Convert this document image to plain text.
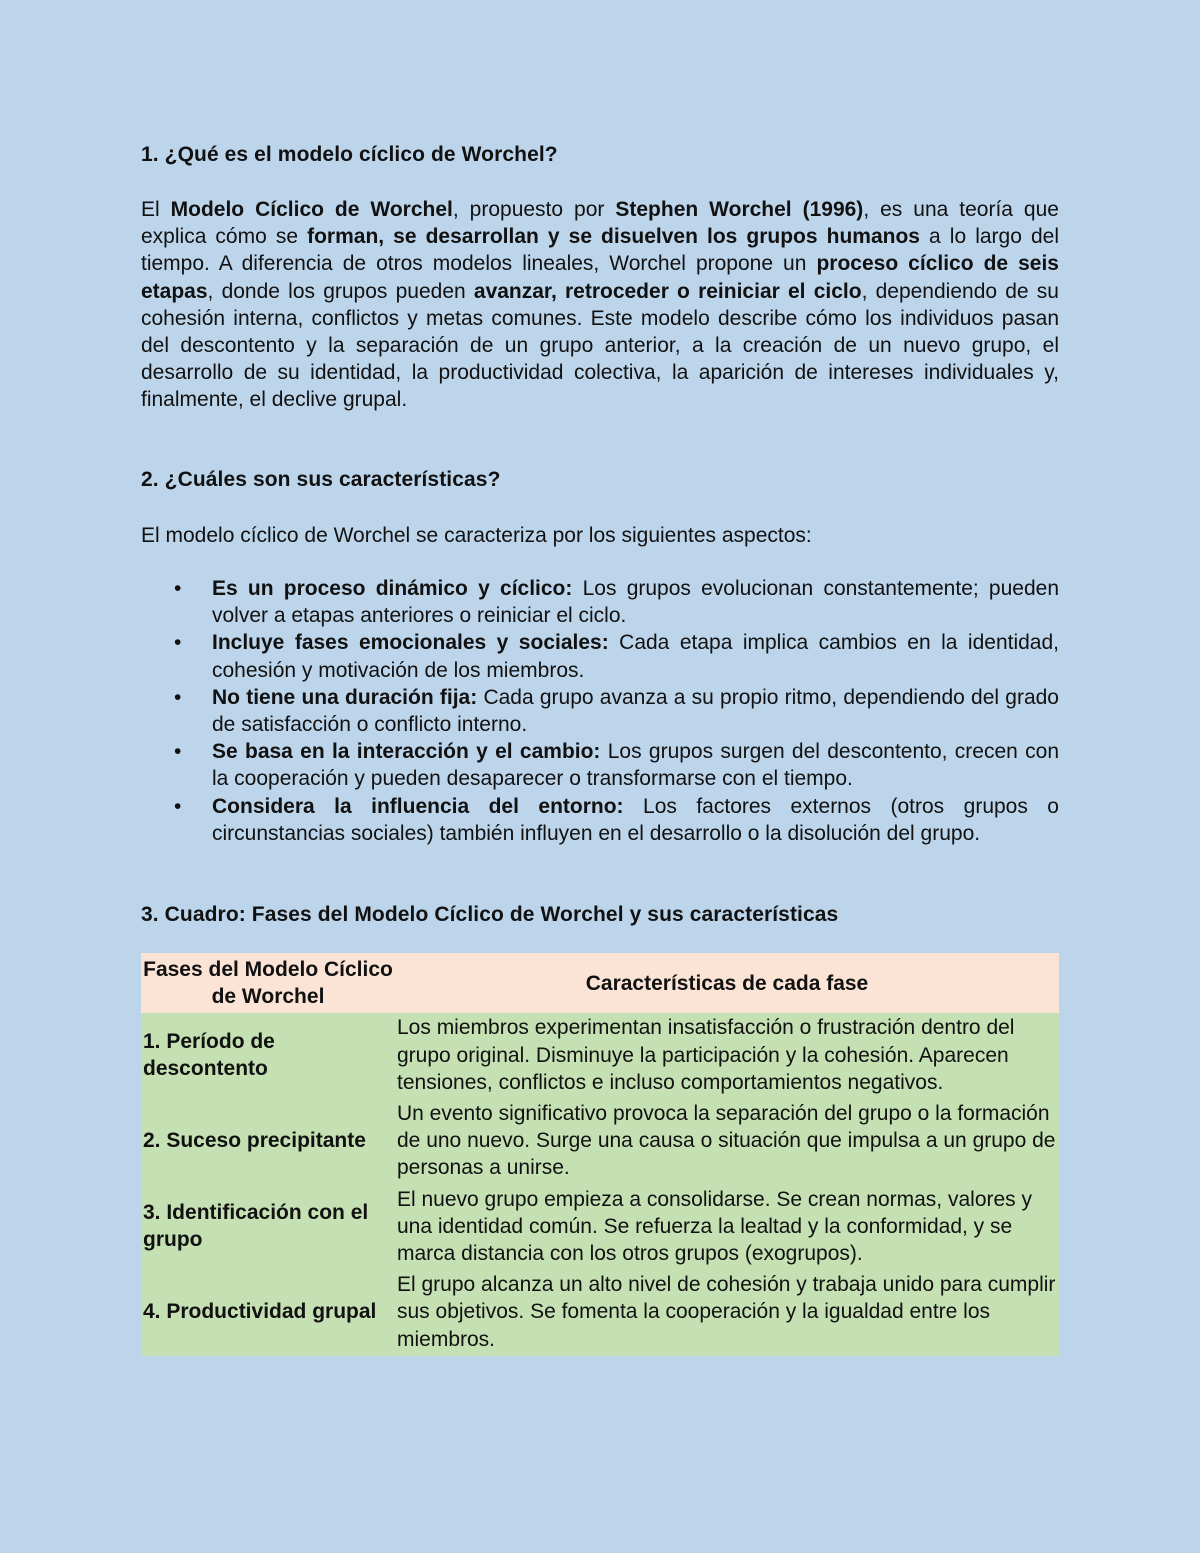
1. ¿Qué es el modelo cíclico de Worchel?
El Modelo Cíclico de Worchel, propuesto por Stephen Worchel (1996), es una teoría que explica cómo se forman, se desarrollan y se disuelven los grupos humanos a lo largo del tiempo. A diferencia de otros modelos lineales, Worchel propone un proceso cíclico de seis etapas, donde los grupos pueden avanzar, retroceder o reiniciar el ciclo, dependiendo de su cohesión interna, conflictos y metas comunes. Este modelo describe cómo los individuos pasan del descontento y la separación de un grupo anterior, a la creación de un nuevo grupo, el desarrollo de su identidad, la productividad colectiva, la aparición de intereses individuales y, finalmente, el declive grupal.
2. ¿Cuáles son sus características?
El modelo cíclico de Worchel se caracteriza por los siguientes aspectos:
• Es un proceso dinámico y cíclico: Los grupos evolucionan constantemente; pueden volver a etapas anteriores o reiniciar el ciclo.
• Incluye fases emocionales y sociales: Cada etapa implica cambios en la identidad, cohesión y motivación de los miembros.
• No tiene una duración fija: Cada grupo avanza a su propio ritmo, dependiendo del grado de satisfacción o conflicto interno.
• Se basa en la interacción y el cambio: Los grupos surgen del descontento, crecen con la cooperación y pueden desaparecer o transformarse con el tiempo.
• Considera la influencia del entorno: Los factores externos (otros grupos o circunstancias sociales) también influyen en el desarrollo o la disolución del grupo.
3. Cuadro: Fases del Modelo Cíclico de Worchel y sus características
Fases del Modelo Cíclico de Worchel	Características de cada fase
1. Período de descontento	Los miembros experimentan insatisfacción o frustración dentro del grupo original. Disminuye la participación y la cohesión. Aparecen tensiones, conflictos e incluso comportamientos negativos.
2. Suceso precipitante	Un evento significativo provoca la separación del grupo o la formación de uno nuevo. Surge una causa o situación que impulsa a un grupo de personas a unirse.
3. Identificación con el grupo	El nuevo grupo empieza a consolidarse. Se crean normas, valores y una identidad común. Se refuerza la lealtad y la conformidad, y se marca distancia con los otros grupos (exogrupos).
4. Productividad grupal	El grupo alcanza un alto nivel de cohesión y trabaja unido para cumplir sus objetivos. Se fomenta la cooperación y la igualdad entre los miembros.
